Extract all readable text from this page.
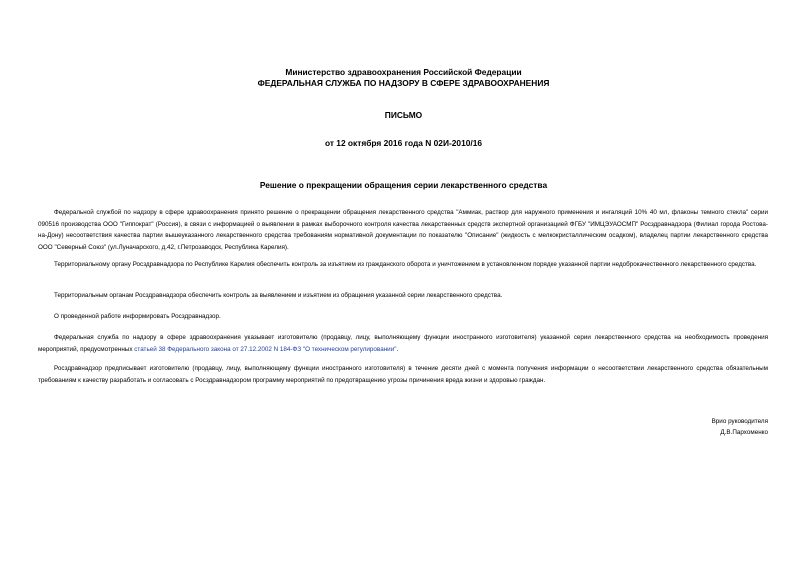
Министерство здравоохранения Российской Федерации
ФЕДЕРАЛЬНАЯ СЛУЖБА ПО НАДЗОРУ В СФЕРЕ ЗДРАВООХРАНЕНИЯ
ПИСЬМО
от 12 октября 2016 года N 02И-2010/16
Решение о прекращении обращения серии лекарственного средства

Федеральной службой по надзору в сфере здравоохранения принято решение о прекращении обращения лекарственного средства "Аммиак, раствор для наружного применения и ингаляций 10% 40 мл, флаконы темного стекла" серии 090516 производства ООО "Гиппократ" (Россия), в связи с информацией о выявлении в рамках выборочного контроля качества лекарственных средств экспертной организацией ФГБУ "ИМЦЭУАОСМП" Росздравнадзора (Филиал города Ростова-на-Дону) несоответствия качества партии вышеуказанного лекарственного средства требованиям нормативной документации по показателю "Описание" (жидкость с мелкокристаллическим осадком), владелец партии лекарственного средства ООО "Северный Союз" (ул.Луначарского, д.42, г.Петрозаводск, Республика Карелия).

Территориальному органу Росздравнадзора по Республике Карелия обеспечить контроль за изъятием из гражданского оборота и уничтожением в установленном порядке указанной партии недоброкачественного лекарственного средства.

Территориальным органам Росздравнадзора обеспечить контроль за выявлением и изъятием из обращения указанной серии лекарственного средства.

О проведенной работе информировать Росздравнадзор.

Федеральная служба по надзору в сфере здравоохранения указывает изготовителю (продавцу, лицу, выполняющему функции иностранного изготовителя) указанной серии лекарственного средства на необходимость проведения мероприятий, предусмотренных статьей 38 Федерального закона от 27.12.2002 N 184-ФЗ "О техническом регулировании".

Росздравнадзор предписывает изготовителю (продавцу, лицу, выполняющему функции иностранного изготовителя) в течение десяти дней с момента получения информации о несоответствии лекарственного средства обязательным требованиям к качеству разработать и согласовать с Росздравнадзором программу мероприятий по предотвращению угрозы причинения вреда жизни и здоровью граждан.

Врио руководителя
Д.В.Пархоменко
